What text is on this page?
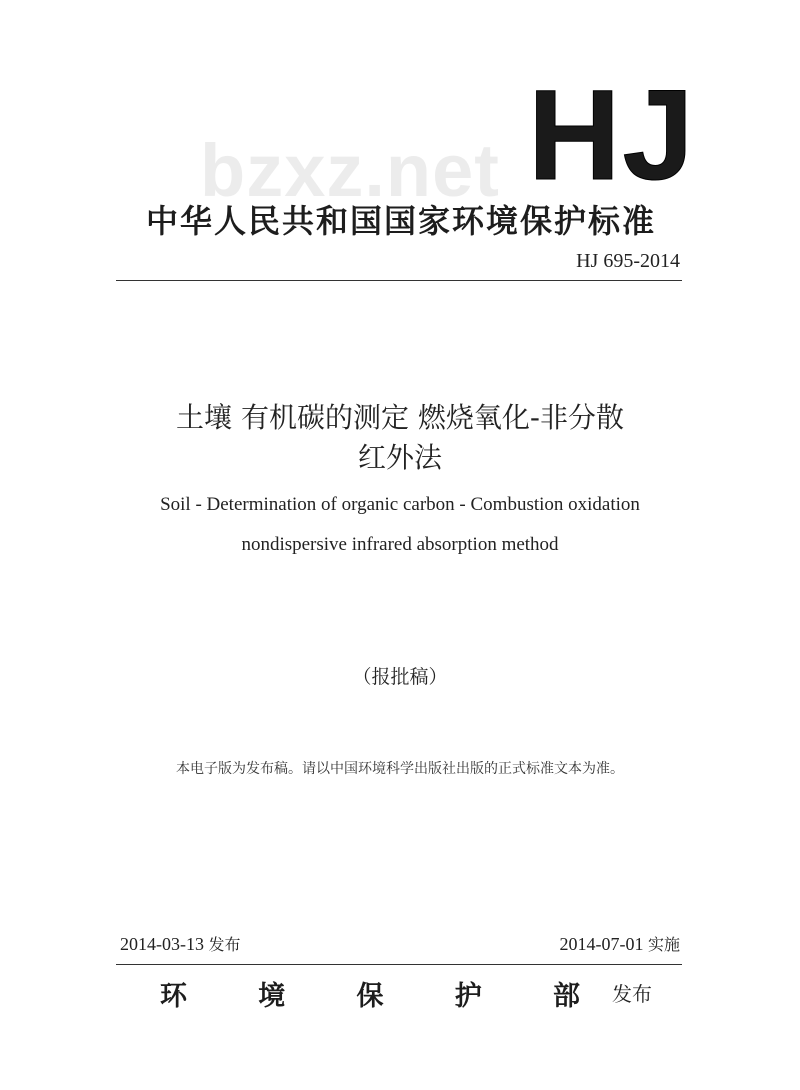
bzxz.net HJ
中华人民共和国国家环境保护标准
HJ 695-2014
土壤 有机碳的测定 燃烧氧化-非分散
红外法
Soil - Determination of organic carbon - Combustion oxidation
nondispersive infrared absorption method
（报批稿）
本电子版为发布稿。请以中国环境科学出版社出版的正式标准文本为准。
2014-03-13 发布	2014-07-01 实施
环	境	保	护	部 发布
